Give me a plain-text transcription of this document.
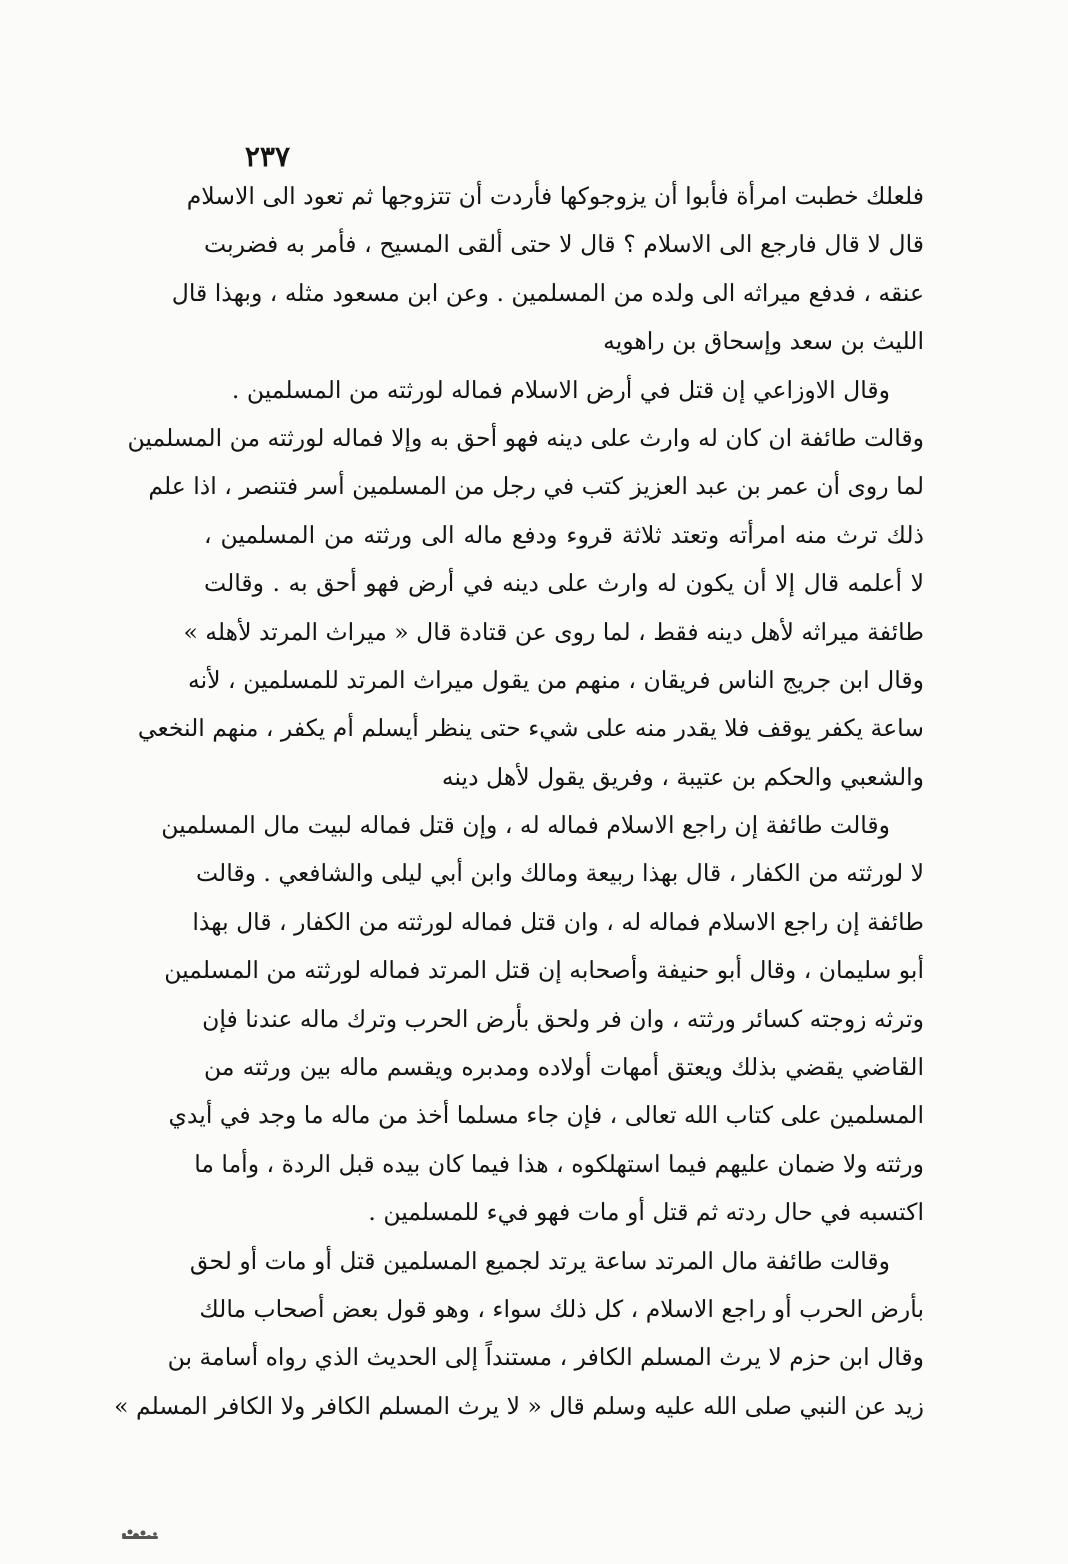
٢٣٧
فلعلك خطبت امرأة فأبوا أن يزوجوكها فأردت أن تتزوجها ثم تعود الى الاسلام
قال لا قال فارجع الى الاسلام ؟ قال لا حتى ألقى المسيح ، فأمر به فضربت
عنقه ، فدفع ميراثه الى ولده من المسلمين . وعن ابن مسعود مثله ، وبهذا قال
الليث بن سعد وإسحاق بن راهويه
وقال الاوزاعي إن قتل في أرض الاسلام فماله لورثته من المسلمين .
وقالت طائفة ان كان له وارث على دينه فهو أحق به وإلا فماله لورثته من المسلمين
لما روى أن عمر بن عبد العزيز كتب في رجل من المسلمين أسر فتنصر ، اذا علم
ذلك ترث منه امرأته وتعتد ثلاثة قروء ودفع ماله الى ورثته من المسلمين ،
لا أعلمه قال إلا أن يكون له وارث على دينه في أرض فهو أحق به . وقالت
طائفة ميراثه لأهل دينه فقط ، لما روى عن قتادة قال « ميراث المرتد لأهله »
وقال ابن جريج الناس فريقان ، منهم من يقول ميراث المرتد للمسلمين ، لأنه
ساعة يكفر يوقف فلا يقدر منه على شيء حتى ينظر أيسلم أم يكفر ، منهم النخعي
والشعبي والحكم بن عتيبة ، وفريق يقول لأهل دينه
وقالت طائفة إن راجع الاسلام فماله له ، وإن قتل فماله لبيت مال المسلمين
لا لورثته من الكفار ، قال بهذا ربيعة ومالك وابن أبي ليلى والشافعي . وقالت
طائفة إن راجع الاسلام فماله له ، وان قتل فماله لورثته من الكفار ، قال بهذا
أبو سليمان ، وقال أبو حنيفة وأصحابه إن قتل المرتد فماله لورثته من المسلمين
وترثه زوجته كسائر ورثته ، وان فر ولحق بأرض الحرب وترك ماله عندنا فإن
القاضي يقضي بذلك ويعتق أمهات أولاده ومدبره ويقسم ماله بين ورثته من
المسلمين على كتاب الله تعالى ، فإن جاء مسلما أخذ من ماله ما وجد في أيدي
ورثته ولا ضمان عليهم فيما استهلكوه ، هذا فيما كان بيده قبل الردة ، وأما ما
اكتسبه في حال ردته ثم قتل أو مات فهو فيء للمسلمين .
وقالت طائفة مال المرتد ساعة يرتد لجميع المسلمين قتل أو مات أو لحق
بأرض الحرب أو راجع الاسلام ، كل ذلك سواء ، وهو قول بعض أصحاب مالك
وقال ابن حزم لا يرث المسلم الكافر ، مستنداً إلى الحديث الذي رواه أسامة بن
زيد عن النبي صلى الله عليه وسلم قال « لا يرث المسلم الكافر ولا الكافر المسلم »
